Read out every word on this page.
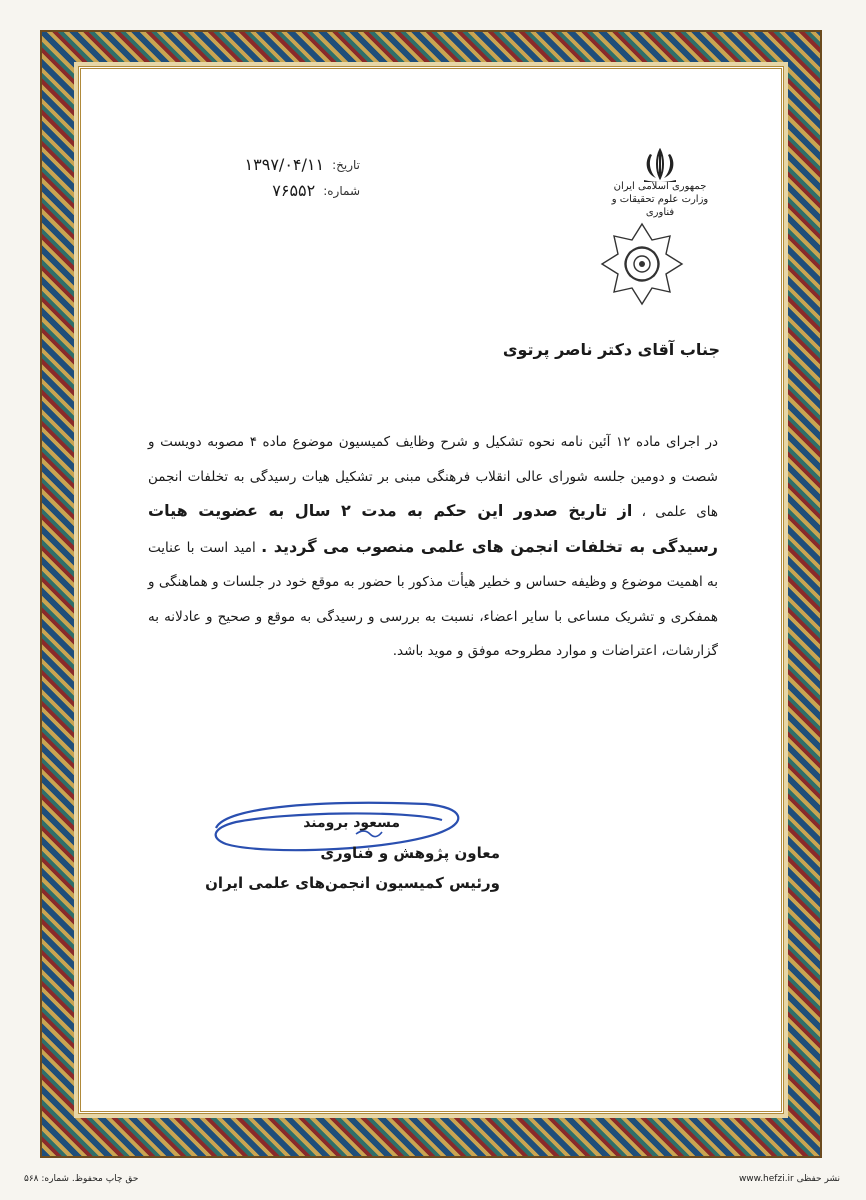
تاریخ:
۱۳۹۷/۰۴/۱۱
شماره:
۷۶۵۵۲	جمهوری اسلامی ایران
وزارت علوم تحقیقات و فناوری
جناب آقای دکتر ناصر پرتوی
در اجرای ماده ۱۲ آئین نامه نحوه تشکیل و شرح وظایف کمیسیون موضوع ماده ۴ مصوبه دویست و شصت و دومین جلسه شورای عالی انقلاب فرهنگی مبنی بر تشکیل هیات رسیدگی به تخلفات انجمن های علمی ، از تاریخ صدور این حکم به مدت ۲ سال به عضویت هیات رسیدگی به تخلفات انجمن های علمی منصوب می گردید . امید است با عنایت به اهمیت موضوع و وظیفه حساس و خطیر هیأت مذکور با حضور به موقع خود در جلسات و هماهنگی و همفکری و تشریک مساعی با سایر اعضاء، نسبت به بررسی و رسیدگی به موقع و صحیح و عادلانه به گزارشات، اعتراضات و موارد مطروحه موفق و موید باشد.
مسعود برومند
معاون پژوهش و فناوری
ورئیس کمیسیون انجمن‌های علمی ایران
حق چاپ محفوظ. شماره: ۵۶۸	www.hefzi.ir نشر حفظی
